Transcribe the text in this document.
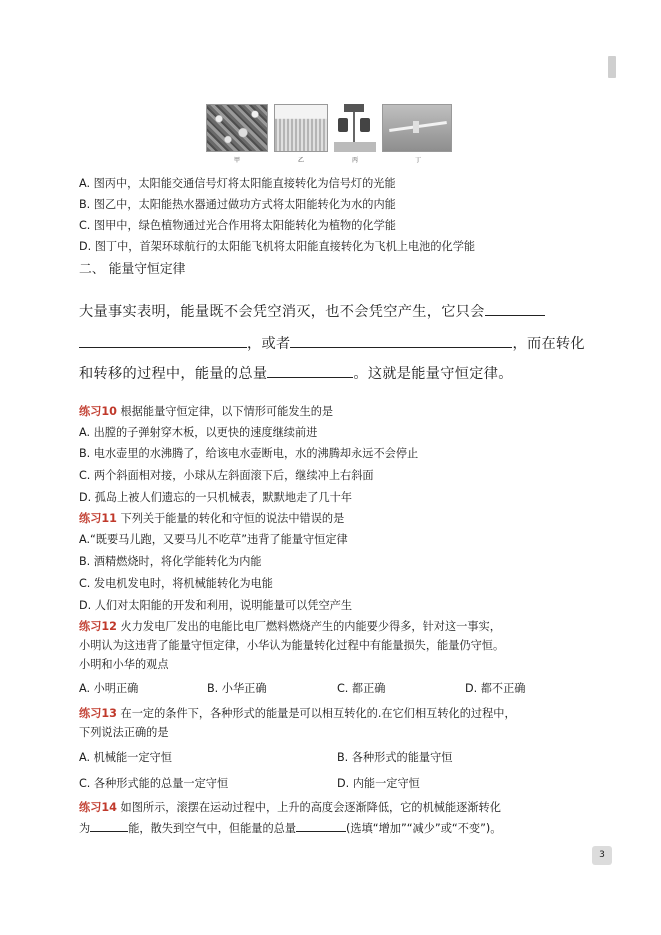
甲	乙	丙	丁
A. 图丙中，太阳能交通信号灯将太阳能直接转化为信号灯的光能
B. 图乙中，太阳能热水器通过做功方式将太阳能转化为水的内能
C. 图甲中，绿色植物通过光合作用将太阳能转化为植物的化学能
D. 图丁中，首架环球航行的太阳能飞机将太阳能直接转化为飞机上电池的化学能
二、 能量守恒定律
大量事实表明，能量既不会凭空消灭，也不会凭空产生，它只会
，或者	，而在转化
和转移的过程中，能量的总量	。这就是能量守恒定律。
练习10 根据能量守恒定律，以下情形可能发生的是
A. 出膛的子弹射穿木板，以更快的速度继续前进
B. 电水壶里的水沸腾了，给该电水壶断电，水的沸腾却永远不会停止
C. 两个斜面相对接，小球从左斜面滚下后，继续冲上右斜面
D. 孤岛上被人们遗忘的一只机械表，默默地走了几十年
练习11 下列关于能量的转化和守恒的说法中错误的是
A.“既要马儿跑，又要马儿不吃草”违背了能量守恒定律
B. 酒精燃烧时，将化学能转化为内能
C. 发电机发电时，将机械能转化为电能
D. 人们对太阳能的开发和利用，说明能量可以凭空产生
练习12 火力发电厂发出的电能比电厂燃料燃烧产生的内能要少得多，针对这一事实，
小明认为这违背了能量守恒定律，小华认为能量转化过程中有能量损失，能量仍守恒。
小明和小华的观点
A. 小明正确	B. 小华正确	C. 都正确	D. 都不正确
练习13 在一定的条件下，各种形式的能量是可以相互转化的.在它们相互转化的过程中，
下列说法正确的是
A. 机械能一定守恒	B. 各种形式的能量守恒
C. 各种形式能的总量一定守恒	D. 内能一定守恒
练习14 如图所示，滚摆在运动过程中，上升的高度会逐渐降低，它的机械能逐渐转化
为	能，散失到空气中，但能量的总量	(选填“增加”“减少”或“不变”)。
3
